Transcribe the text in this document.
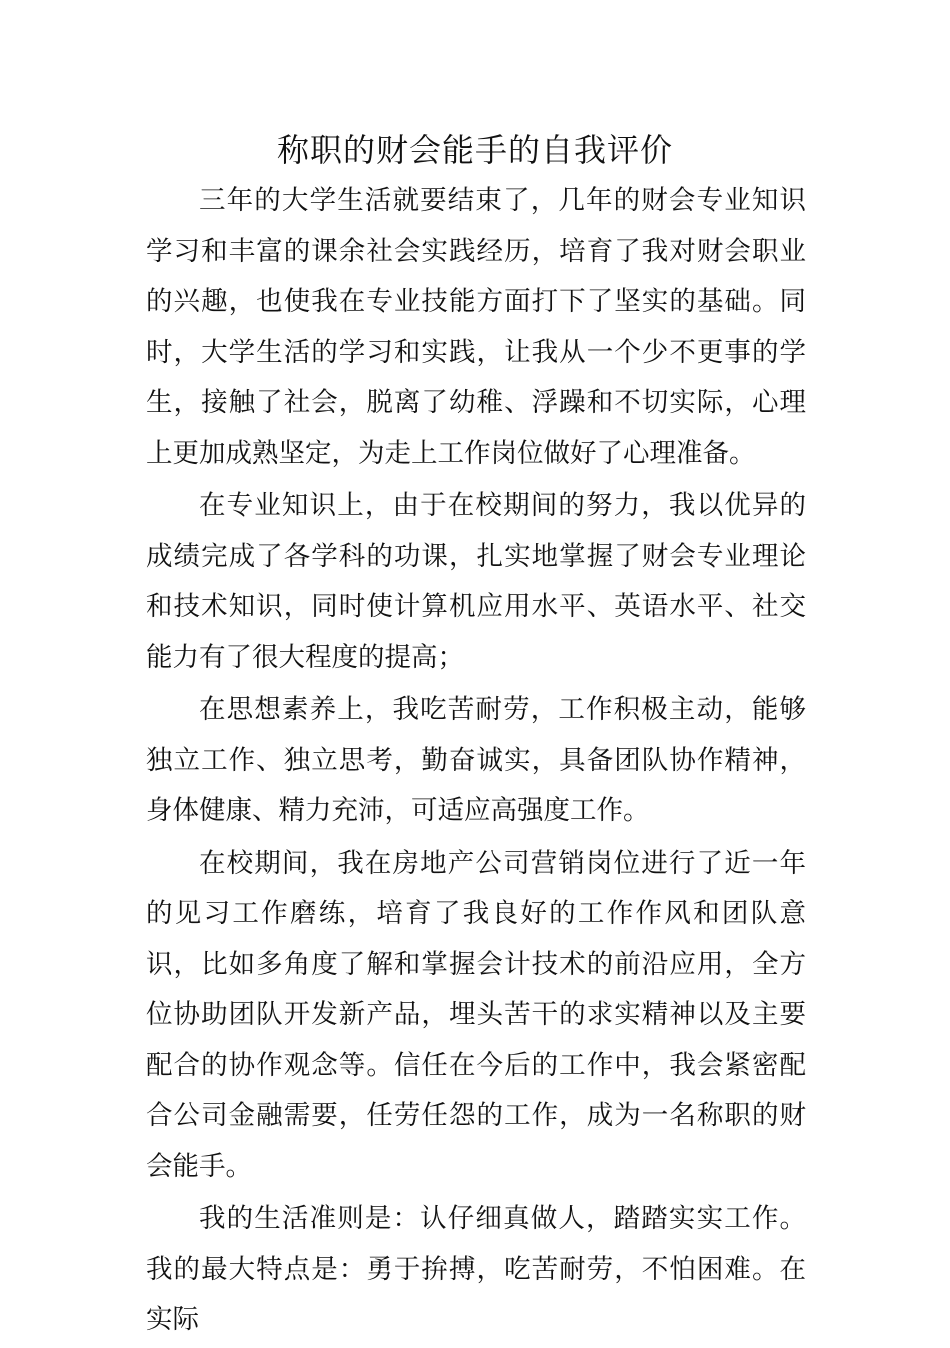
称职的财会能手的自我评价

三年的大学生活就要结束了，几年的财会专业知识学习和丰富的课余社会实践经历，培育了我对财会职业的兴趣，也使我在专业技能方面打下了坚实的基础。同时，大学生活的学习和实践，让我从一个少不更事的学生，接触了社会，脱离了幼稚、浮躁和不切实际，心理上更加成熟坚定，为走上工作岗位做好了心理准备。

在专业知识上，由于在校期间的努力，我以优异的成绩完成了各学科的功课，扎实地掌握了财会专业理论和技术知识，同时使计算机应用水平、英语水平、社交能力有了很大程度的提高；

在思想素养上，我吃苦耐劳，工作积极主动，能够独立工作、独立思考，勤奋诚实，具备团队协作精神，身体健康、精力充沛，可适应高强度工作。

在校期间，我在房地产公司营销岗位进行了近一年的见习工作磨练，培育了我良好的工作作风和团队意识，比如多角度了解和掌握会计技术的前沿应用，全方位协助团队开发新产品，埋头苦干的求实精神以及主要配合的协作观念等。信任在今后的工作中，我会紧密配合公司金融需要，任劳任怨的工作，成为一名称职的财会能手。

我的生活准则是：认仔细真做人，踏踏实实工作。我的最大特点是：勇于拚搏，吃苦耐劳，不怕困难。在实际
